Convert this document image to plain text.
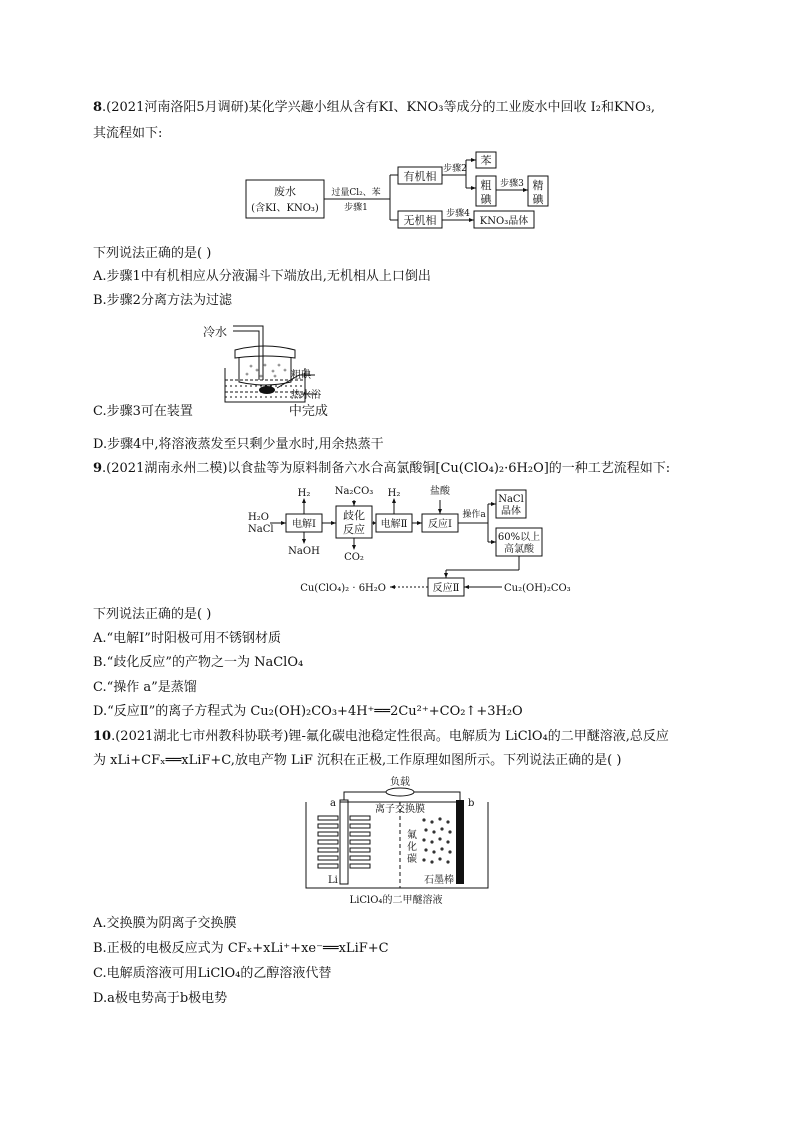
8.(2021河南洛阳5月调研)某化学兴趣小组从含有KI、KNO₃等成分的工业废水中回收 I₂和KNO₃,
其流程如下:
废水
(含KI、KNO₃)
过量Cl₂、苯
步骤1
有机相
无机相
步骤2
苯
粗
碘
步骤3 精
碘
步骤4
KNO₃晶体
下列说法正确的是( )
A.步骤1中有机相应从分液漏斗下端放出,无机相从上口倒出
B.步骤2分离方法为过滤
冷水
粗碘
热水浴
C.步骤3可在装置	中完成
D.步骤4中,将溶液蒸发至只剩少量水时,用余热蒸干
9.(2021湖南永州二模)以食盐等为原料制备六水合高氯酸铜[Cu(ClO₄)₂·6H₂O]的一种工艺流程如下:
H₂O
NaCl 电解Ⅰ
H₂
NaOH
Na₂CO₃
歧化
反应
CO₂
电解Ⅱ
H₂	盐酸
反应Ⅰ
操作a
NaCl
晶体
60%以上
高氯酸
反应Ⅱ
Cu(ClO₄)₂ · 6H₂O	Cu₂(OH)₂CO₃
下列说法正确的是( )
A.“电解Ⅰ”时阳极可用不锈钢材质
B.“歧化反应”的产物之一为 NaClO₄
C.“操作 a”是蒸馏
D.“反应Ⅱ”的离子方程式为 Cu₂(OH)₂CO₃+4H⁺══2Cu²⁺+CO₂↑+3H₂O
10.(2021湖北七市州教科协联考)锂-氟化碳电池稳定性很高。电解质为 LiClO₄的二甲醚溶液,总反应
为 xLi+CFₓ══xLiF+C,放电产物 LiF 沉积在正极,工作原理如图所示。下列说法正确的是( )
负载
离子交换膜
a	b
Li
氟
化
碳
石墨棒
LiClO₄的二甲醚溶液
A.交换膜为阴离子交换膜
B.正极的电极反应式为 CFₓ+xLi⁺+xe⁻══xLiF+C
C.电解质溶液可用LiClO₄的乙醇溶液代替
D.a极电势高于b极电势
